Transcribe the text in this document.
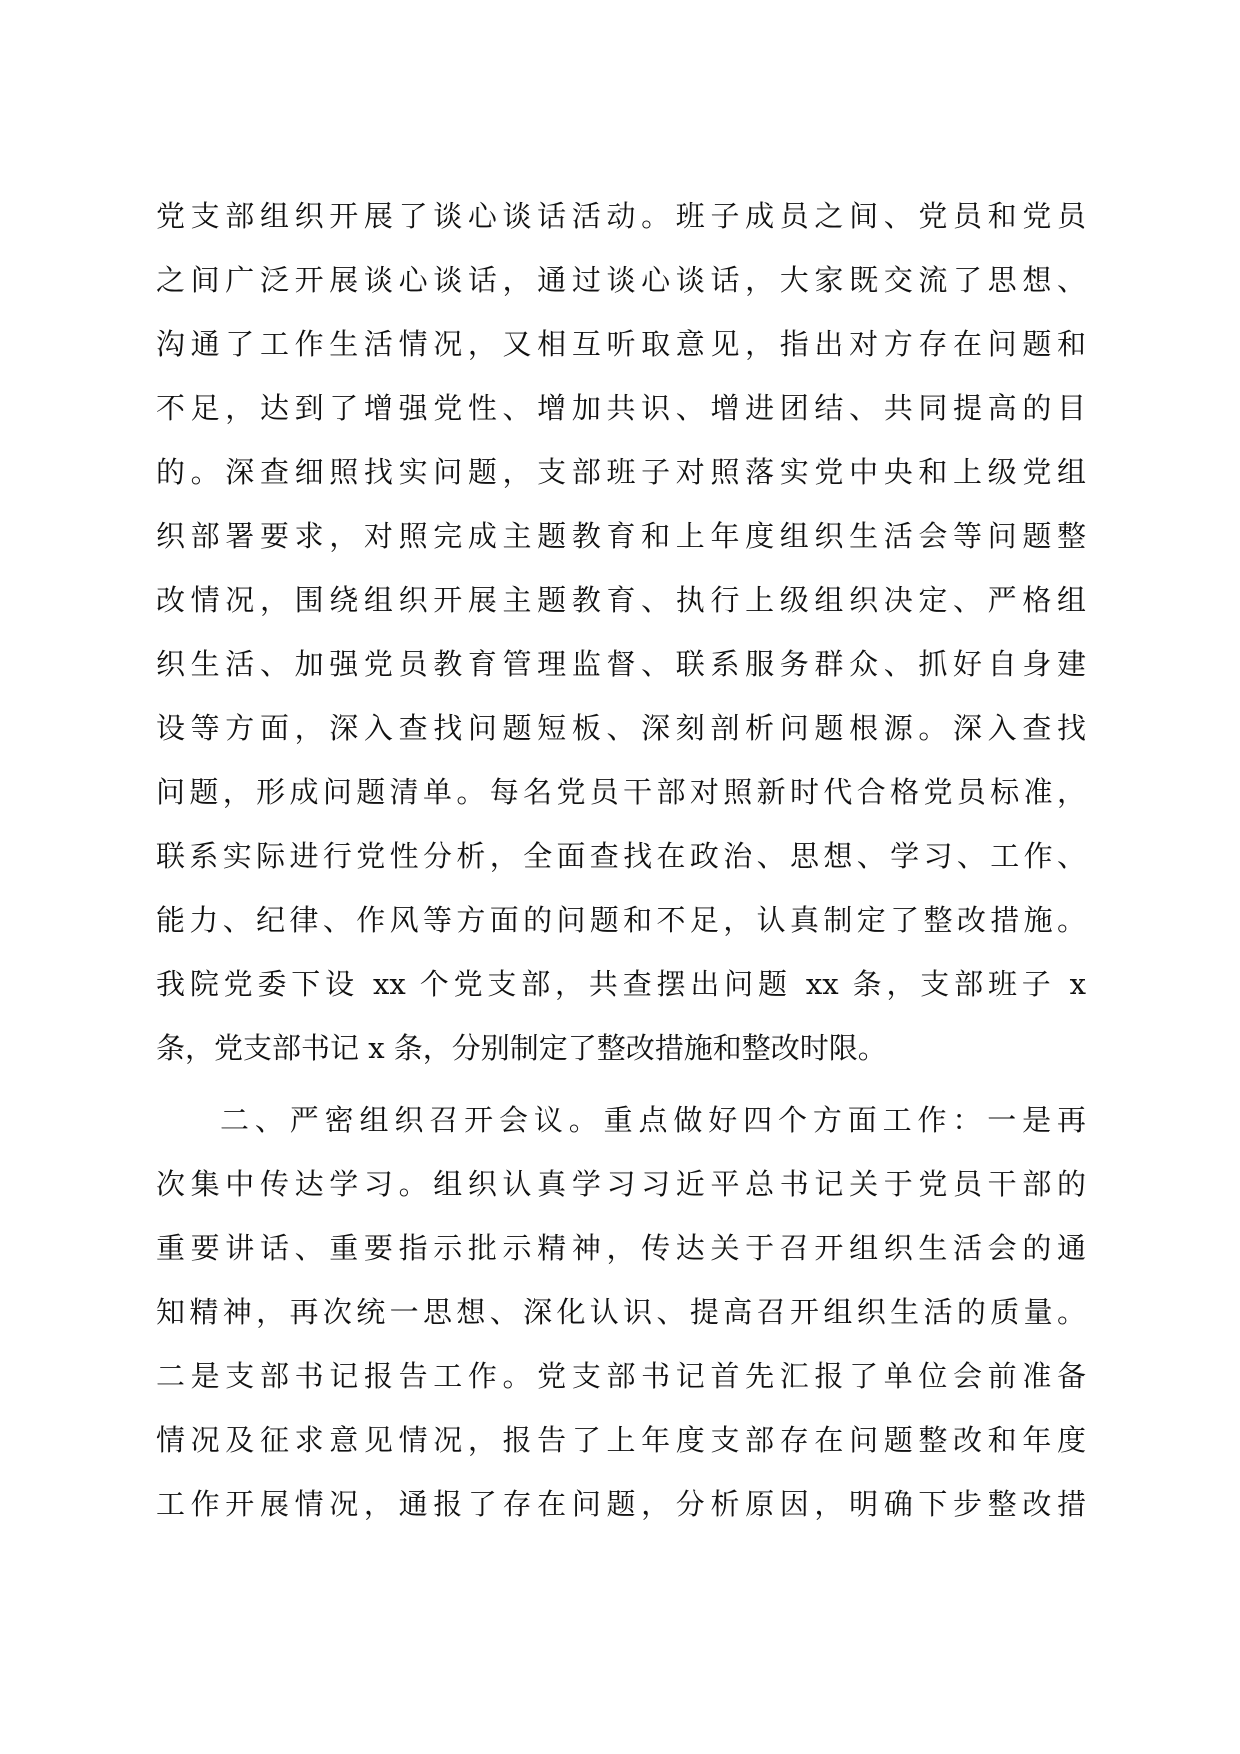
党支部组织开展了谈心谈话活动。班子成员之间、党员和党员
之间广泛开展谈心谈话，通过谈心谈话，大家既交流了思想、
沟通了工作生活情况，又相互听取意见，指出对方存在问题和
不足，达到了增强党性、增加共识、增进团结、共同提高的目
的。深查细照找实问题，支部班子对照落实党中央和上级党组
织部署要求，对照完成主题教育和上年度组织生活会等问题整
改情况，围绕组织开展主题教育、执行上级组织决定、严格组
织生活、加强党员教育管理监督、联系服务群众、抓好自身建
设等方面，深入查找问题短板、深刻剖析问题根源。深入查找
问题，形成问题清单。每名党员干部对照新时代合格党员标准，
联系实际进行党性分析，全面查找在政治、思想、学习、工作、
能力、纪律、作风等方面的问题和不足，认真制定了整改措施。
我院党委下设 xx 个党支部，共查摆出问题 xx 条，支部班子 x
条，党支部书记 x 条，分别制定了整改措施和整改时限。
二、严密组织召开会议。重点做好四个方面工作：一是再
次集中传达学习。组织认真学习习近平总书记关于党员干部的
重要讲话、重要指示批示精神，传达关于召开组织生活会的通
知精神，再次统一思想、深化认识、提高召开组织生活的质量。
二是支部书记报告工作。党支部书记首先汇报了单位会前准备
情况及征求意见情况，报告了上年度支部存在问题整改和年度
工作开展情况，通报了存在问题，分析原因，明确下步整改措
